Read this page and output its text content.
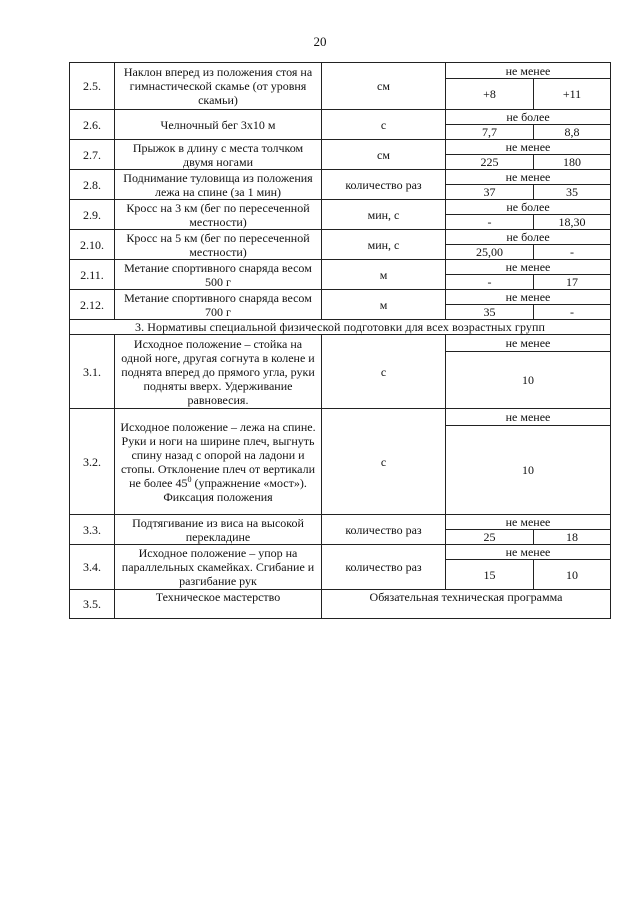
20
2.5.	Наклон вперед из положения стоя на гимнастической скамье (от уровня скамьи)	см	не менее	
			+8	+11
2.6.	Челночный бег 3х10 м	с	не более	
			7,7	8,8
2.7.	Прыжок в длину с места толчком двумя ногами	см	не менее	
			225	180
2.8.	Поднимание туловища из положения лежа на спине (за 1 мин)	количество раз	не менее	
			37	35
2.9.	Кросс на 3 км (бег по пересеченной местности)	мин, с	не более	
			-	18,30
2.10.	Кросс на 5 км (бег по пересеченной местности)	мин, с	не более	
			25,00	-
2.11.	Метание спортивного снаряда весом 500 г	м	не менее	
			-	17
2.12.	Метание спортивного снаряда весом 700 г	м	не менее	
			35	-
3. Нормативы специальной физической подготовки для всех возрастных групп				
3.1.	Исходное положение – стойка на одной ноге, другая согнута в колене и поднята вперед до прямого угла, руки подняты вверх. Удерживание равновесия.	с	не менее	
			10	
3.2.	Исходное положение – лежа на спине. Руки и ноги на ширине плеч, выгнуть спину назад с опорой на ладони и стопы. Отклонение плеч от вертикали не более $45^0$ (упражнение «мост»). Фиксация положения	с	не менее	
			10	
3.3.	Подтягивание из виса на высокой перекладине	количество раз	не менее	
			25	18
3.4.	Исходное положение – упор на параллельных скамейках. Сгибание и разгибание рук	количество раз	не менее	
			15	10
3.5.	Техническое мастерство	Обязательная техническая программа		
